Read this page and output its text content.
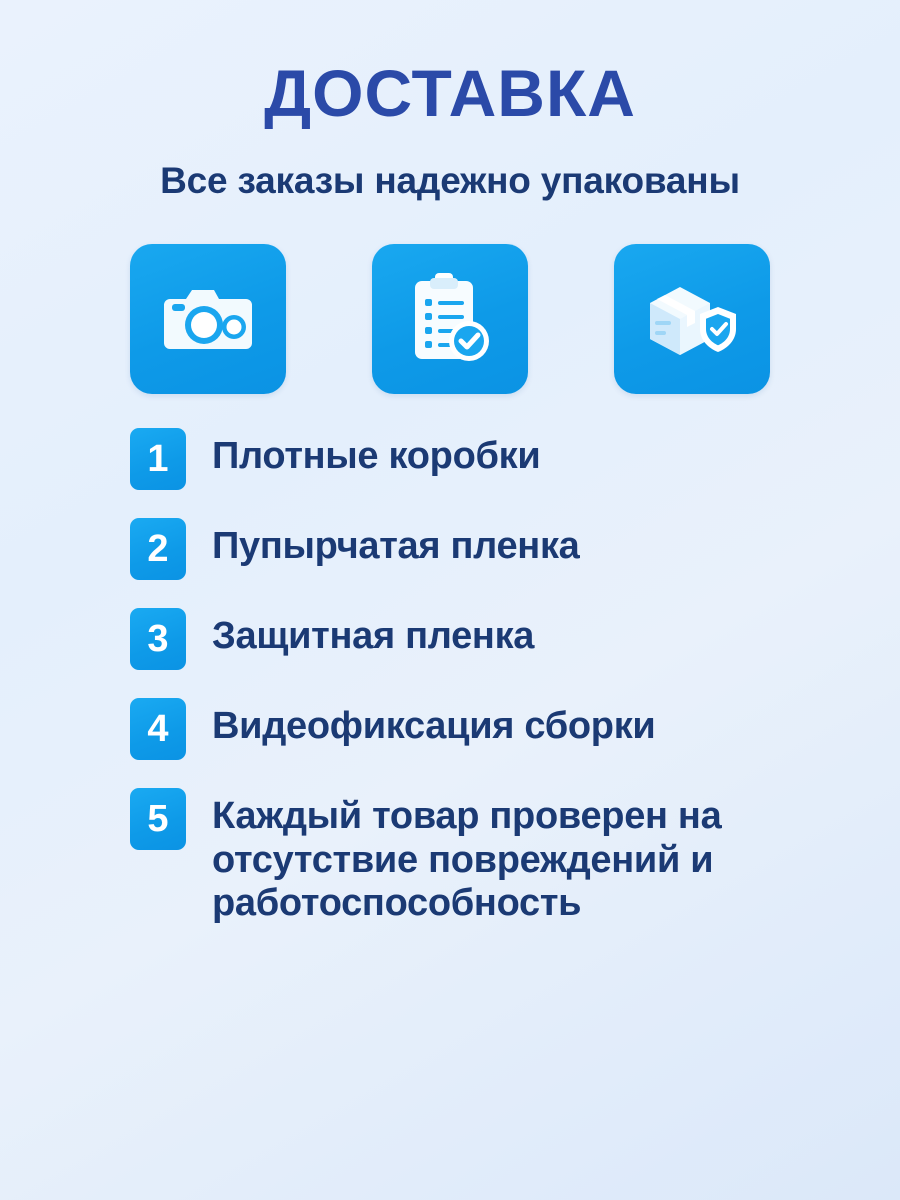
ДОСТАВКА
Все заказы надежно упакованы
1	Плотные коробки
2	Пупырчатая пленка
3	Защитная пленка
4	Видеофиксация сборки
5	Каждый товар проверен на отсутствие повреждений и работоспособность
